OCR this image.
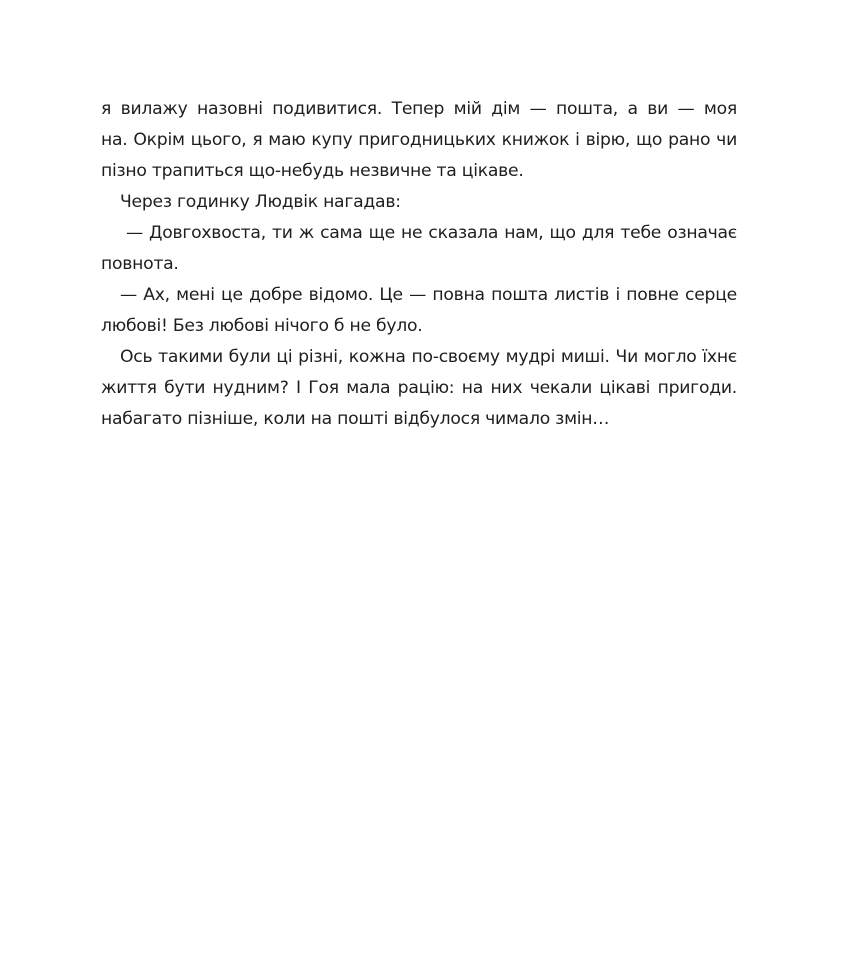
я вилажу назовні подивитися. Тепер мій дім — пошта, а ви — моя
на. Окрім цього, я маю купу пригодницьких книжок і вірю, що рано чи
пізно трапиться що-небудь незвичне та цікаве.
Через годинку Людвік нагадав:
— Довгохвоста, ти ж сама ще не сказала нам, що для тебе означає
повнота.
— Ах, мені це добре відомо. Це — повна пошта листів і повне серце
любові! Без любові нічого б не було.
Ось такими були ці різні, кожна по-своєму мудрі миші. Чи могло їхнє
життя бути нудним? І Гоя мала рацію: на них чекали цікаві пригоди.
набагато пізніше, коли на пошті відбулося чимало змін…
